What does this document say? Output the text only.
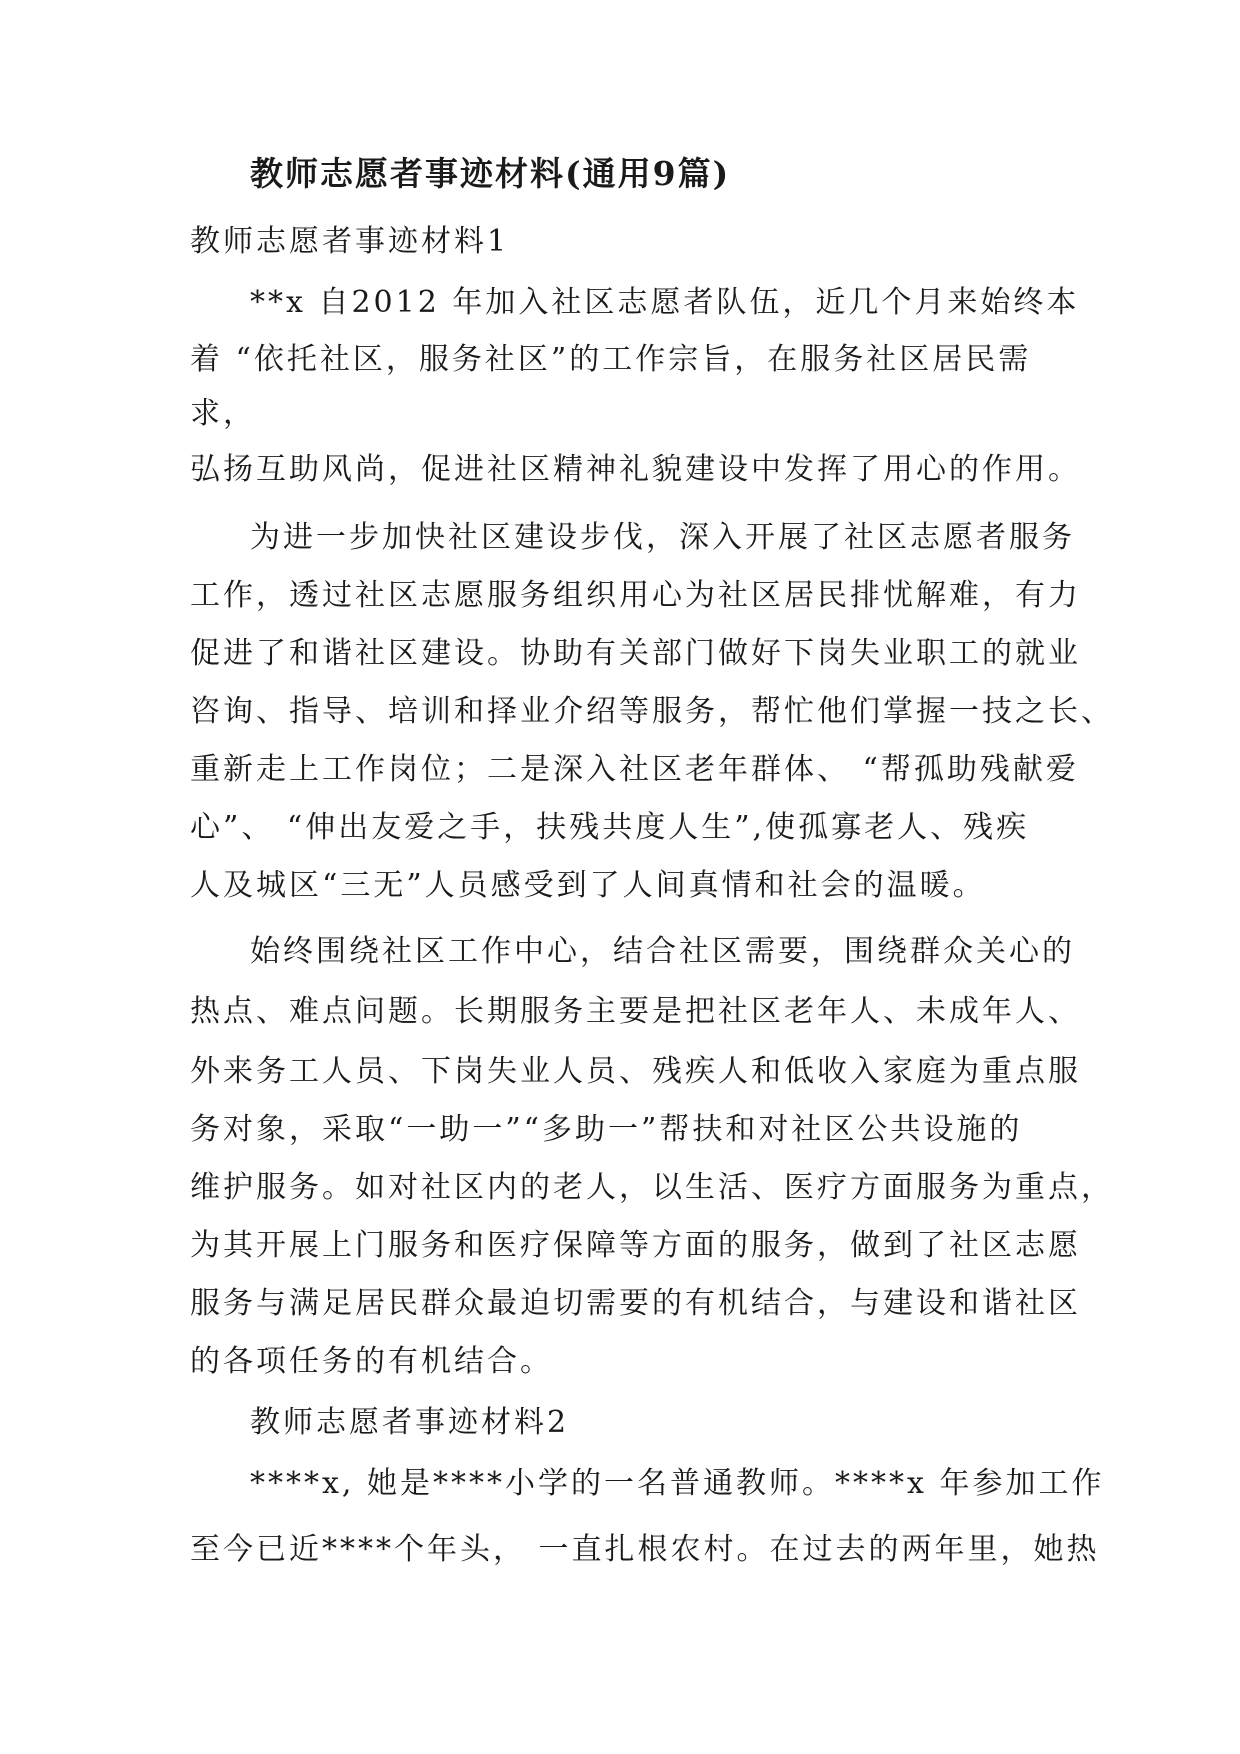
教师志愿者事迹材料(通用9篇)
教师志愿者事迹材料1
**x 自2012 年加入社区志愿者队伍，近几个月来始终本
着 “依托社区，服务社区”的工作宗旨，在服务社区居民需
求，
弘扬互助风尚，促进社区精神礼貌建设中发挥了用心的作用。
为进一步加快社区建设步伐，深入开展了社区志愿者服务
工作，透过社区志愿服务组织用心为社区居民排忧解难，有力
促进了和谐社区建设。协助有关部门做好下岗失业职工的就业
咨询、指导、培训和择业介绍等服务，帮忙他们掌握一技之长、
重新走上工作岗位；二是深入社区老年群体、 “帮孤助残献爱
心”、 “伸出友爱之手，扶残共度人生”,使孤寡老人、残疾
人及城区“三无”人员感受到了人间真情和社会的温暖。
始终围绕社区工作中心，结合社区需要，围绕群众关心的
热点、难点问题。长期服务主要是把社区老年人、未成年人、
外来务工人员、下岗失业人员、残疾人和低收入家庭为重点服
务对象，采取“一助一”“多助一”帮扶和对社区公共设施的
维护服务。如对社区内的老人，以生活、医疗方面服务为重点，
为其开展上门服务和医疗保障等方面的服务，做到了社区志愿
服务与满足居民群众最迫切需要的有机结合，与建设和谐社区
的各项任务的有机结合。
教师志愿者事迹材料2
****x, 她是****小学的一名普通教师。****x 年参加工作
至今已近****个年头， 一直扎根农村。在过去的两年里，她热
